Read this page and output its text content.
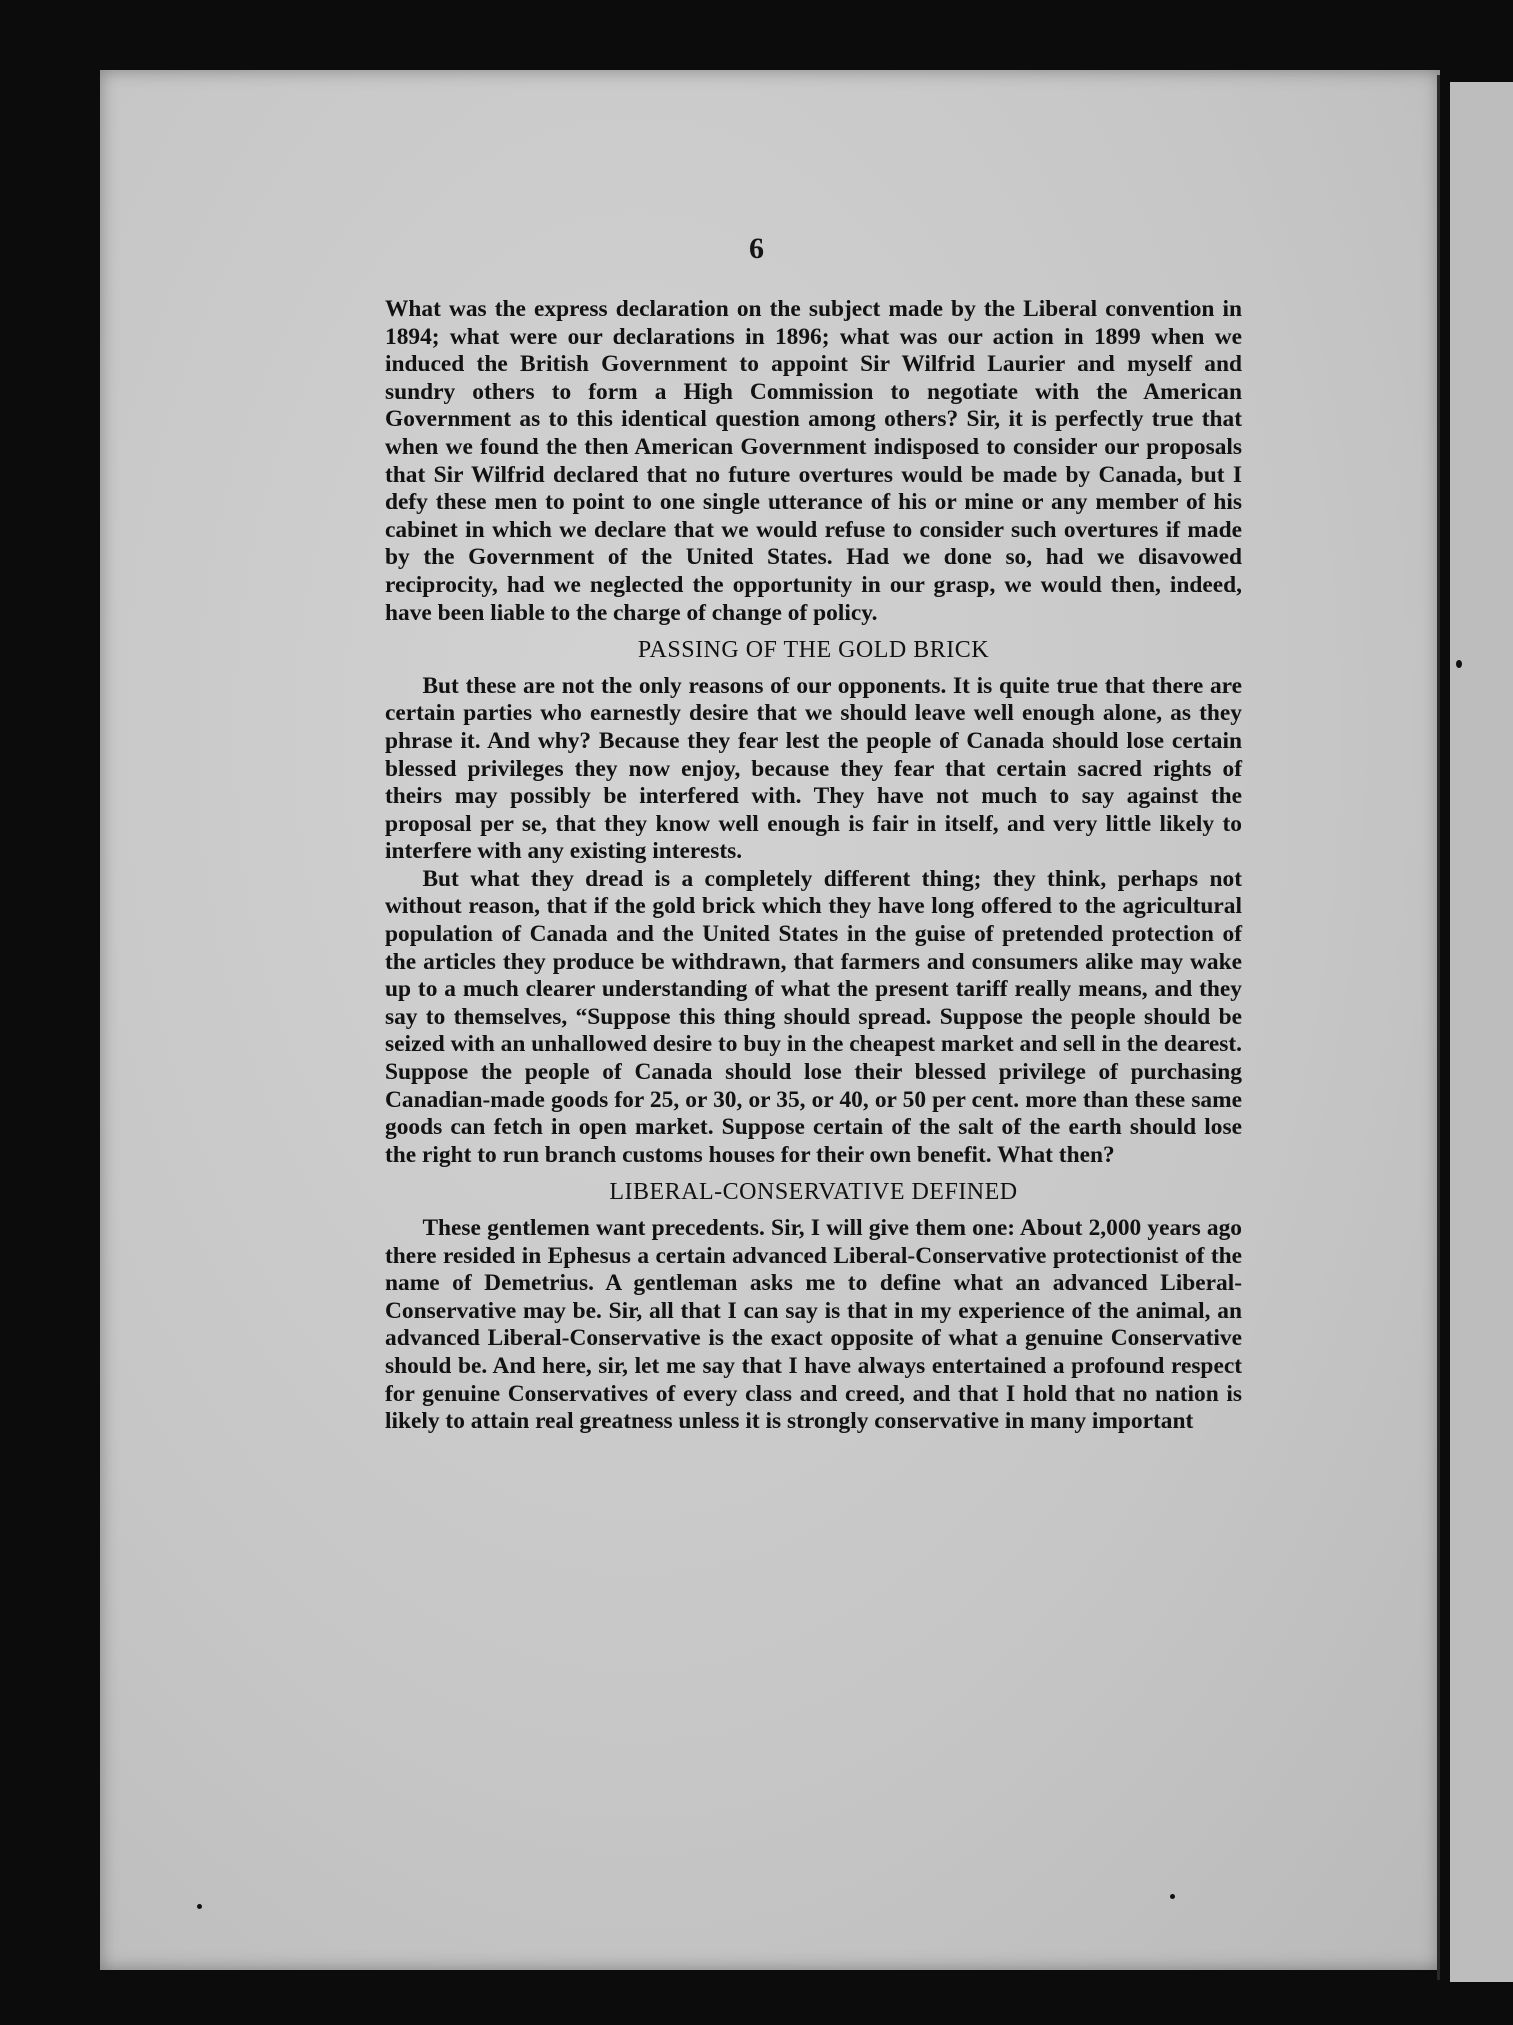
6

What was the express declaration on the subject made by the Liberal convention in 1894; what were our declarations in 1896; what was our action in 1899 when we induced the British Government to appoint Sir Wilfrid Laurier and myself and sundry others to form a High Commission to negotiate with the American Government as to this identical question among others? Sir, it is perfectly true that when we found the then American Government indisposed to consider our proposals that Sir Wilfrid declared that no future overtures would be made by Canada, but I defy these men to point to one single utterance of his or mine or any member of his cabinet in which we declare that we would refuse to consider such overtures if made by the Government of the United States. Had we done so, had we disavowed reciprocity, had we neglected the opportunity in our grasp, we would then, indeed, have been liable to the charge of change of policy.

PASSING OF THE GOLD BRICK

But these are not the only reasons of our opponents. It is quite true that there are certain parties who earnestly desire that we should leave well enough alone, as they phrase it. And why? Because they fear lest the people of Canada should lose certain blessed privileges they now enjoy, because they fear that certain sacred rights of theirs may possibly be interfered with. They have not much to say against the proposal per se, that they know well enough is fair in itself, and very little likely to interfere with any existing interests.

But what they dread is a completely different thing; they think, perhaps not without reason, that if the gold brick which they have long offered to the agricultural population of Canada and the United States in the guise of pretended protection of the articles they produce be withdrawn, that farmers and consumers alike may wake up to a much clearer understanding of what the present tariff really means, and they say to themselves, “Suppose this thing should spread. Suppose the people should be seized with an unhallowed desire to buy in the cheapest market and sell in the dearest. Suppose the people of Canada should lose their blessed privilege of purchasing Canadian-made goods for 25, or 30, or 35, or 40, or 50 per cent. more than these same goods can fetch in open market. Suppose certain of the salt of the earth should lose the right to run branch customs houses for their own benefit. What then?

LIBERAL-CONSERVATIVE DEFINED

These gentlemen want precedents. Sir, I will give them one: About 2,000 years ago there resided in Ephesus a certain advanced Liberal-Conservative protectionist of the name of Demetrius. A gentleman asks me to define what an advanced Liberal-Conservative may be. Sir, all that I can say is that in my experience of the animal, an advanced Liberal-Conservative is the exact opposite of what a genuine Conservative should be. And here, sir, let me say that I have always entertained a profound respect for genuine Conservatives of every class and creed, and that I hold that no nation is likely to attain real greatness unless it is strongly conservative in many important
